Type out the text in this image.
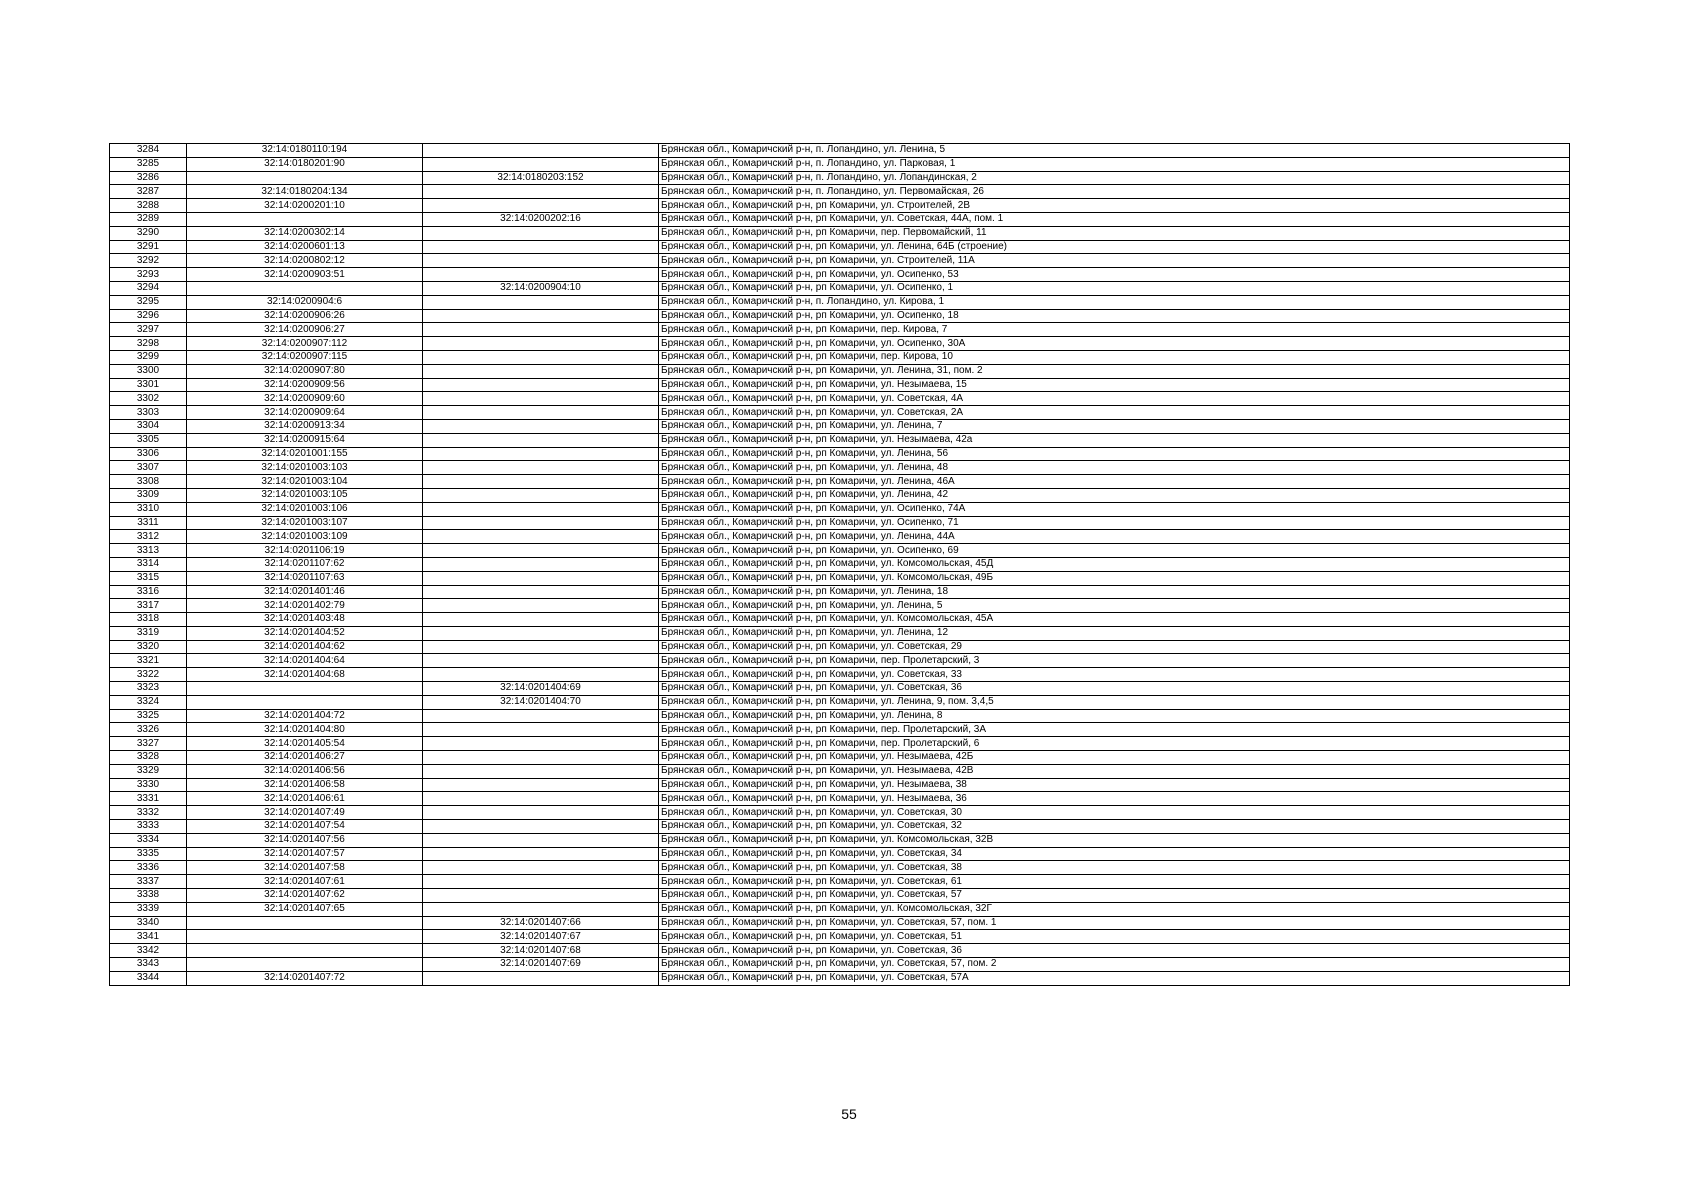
3284	32:14:0180110:194		Брянская обл., Комаричский р-н, п. Лопандино, ул. Ленина, 5
3285	32:14:0180201:90		Брянская обл., Комаричский р-н, п. Лопандино, ул. Парковая, 1
3286		32:14:0180203:152	Брянская обл., Комаричский р-н, п. Лопандино, ул. Лопандинская, 2
3287	32:14:0180204:134		Брянская обл., Комаричский р-н, п. Лопандино, ул. Первомайская, 26
3288	32:14:0200201:10		Брянская обл., Комаричский р-н, рп Комаричи, ул. Строителей, 2В
3289		32:14:0200202:16	Брянская обл., Комаричский р-н, рп Комаричи, ул. Советская, 44А, пом. 1
3290	32:14:0200302:14		Брянская обл., Комаричский р-н, рп Комаричи, пер. Первомайский, 11
3291	32:14:0200601:13		Брянская обл., Комаричский р-н, рп Комаричи, ул. Ленина, 64Б (строение)
3292	32:14:0200802:12		Брянская обл., Комаричский р-н, рп Комаричи, ул. Строителей, 11А
3293	32:14:0200903:51		Брянская обл., Комаричский р-н, рп Комаричи, ул. Осипенко, 53
3294		32:14:0200904:10	Брянская обл., Комаричский р-н, рп Комаричи, ул. Осипенко, 1
3295	32:14:0200904:6		Брянская обл., Комаричский р-н, п. Лопандино, ул. Кирова, 1
3296	32:14:0200906:26		Брянская обл., Комаричский р-н, рп Комаричи, ул. Осипенко, 18
3297	32:14:0200906:27		Брянская обл., Комаричский р-н, рп Комаричи, пер. Кирова, 7
3298	32:14:0200907:112		Брянская обл., Комаричский р-н, рп Комаричи, ул. Осипенко, 30А
3299	32:14:0200907:115		Брянская обл., Комаричский р-н, рп Комаричи, пер. Кирова, 10
3300	32:14:0200907:80		Брянская обл., Комаричский р-н, рп Комаричи, ул. Ленина, 31, пом. 2
3301	32:14:0200909:56		Брянская обл., Комаричский р-н, рп Комаричи, ул. Незымаева, 15
3302	32:14:0200909:60		Брянская обл., Комаричский р-н, рп Комаричи, ул. Советская, 4А
3303	32:14:0200909:64		Брянская обл., Комаричский р-н, рп Комаричи, ул. Советская, 2А
3304	32:14:0200913:34		Брянская обл., Комаричский р-н, рп Комаричи, ул. Ленина, 7
3305	32:14:0200915:64		Брянская обл., Комаричский р-н, рп Комаричи, ул. Незымаева, 42а
3306	32:14:0201001:155		Брянская обл., Комаричский р-н, рп Комаричи, ул. Ленина, 56
3307	32:14:0201003:103		Брянская обл., Комаричский р-н, рп Комаричи, ул. Ленина, 48
3308	32:14:0201003:104		Брянская обл., Комаричский р-н, рп Комаричи, ул. Ленина, 46А
3309	32:14:0201003:105		Брянская обл., Комаричский р-н, рп Комаричи, ул. Ленина, 42
3310	32:14:0201003:106		Брянская обл., Комаричский р-н, рп Комаричи, ул. Осипенко, 74А
3311	32:14:0201003:107		Брянская обл., Комаричский р-н, рп Комаричи, ул. Осипенко, 71
3312	32:14:0201003:109		Брянская обл., Комаричский р-н, рп Комаричи, ул. Ленина, 44А
3313	32:14:0201106:19		Брянская обл., Комаричский р-н, рп Комаричи, ул. Осипенко, 69
3314	32:14:0201107:62		Брянская обл., Комаричский р-н, рп Комаричи, ул. Комсомольская, 45Д
3315	32:14:0201107:63		Брянская обл., Комаричский р-н, рп Комаричи, ул. Комсомольская, 49Б
3316	32:14:0201401:46		Брянская обл., Комаричский р-н, рп Комаричи, ул. Ленина, 18
3317	32:14:0201402:79		Брянская обл., Комаричский р-н, рп Комаричи, ул. Ленина, 5
3318	32:14:0201403:48		Брянская обл., Комаричский р-н, рп Комаричи, ул. Комсомольская, 45А
3319	32:14:0201404:52		Брянская обл., Комаричский р-н, рп Комаричи, ул. Ленина, 12
3320	32:14:0201404:62		Брянская обл., Комаричский р-н, рп Комаричи, ул. Советская, 29
3321	32:14:0201404:64		Брянская обл., Комаричский р-н, рп Комаричи, пер. Пролетарский, 3
3322	32:14:0201404:68		Брянская обл., Комаричский р-н, рп Комаричи, ул. Советская, 33
3323		32:14:0201404:69	Брянская обл., Комаричский р-н, рп Комаричи, ул. Советская, 36
3324		32:14:0201404:70	Брянская обл., Комаричский р-н, рп Комаричи, ул. Ленина, 9, пом. 3,4,5
3325	32:14:0201404:72		Брянская обл., Комаричский р-н, рп Комаричи, ул. Ленина, 8
3326	32:14:0201404:80		Брянская обл., Комаричский р-н, рп Комаричи, пер. Пролетарский, 3А
3327	32:14:0201405:54		Брянская обл., Комаричский р-н, рп Комаричи, пер. Пролетарский, 6
3328	32:14:0201406:27		Брянская обл., Комаричский р-н, рп Комаричи, ул. Незымаева, 42Б
3329	32:14:0201406:56		Брянская обл., Комаричский р-н, рп Комаричи, ул. Незымаева, 42В
3330	32:14:0201406:58		Брянская обл., Комаричский р-н, рп Комаричи, ул. Незымаева, 38
3331	32:14:0201406:61		Брянская обл., Комаричский р-н, рп Комаричи, ул. Незымаева, 36
3332	32:14:0201407:49		Брянская обл., Комаричский р-н, рп Комаричи, ул. Советская, 30
3333	32:14:0201407:54		Брянская обл., Комаричский р-н, рп Комаричи, ул. Советская, 32
3334	32:14:0201407:56		Брянская обл., Комаричский р-н, рп Комаричи, ул. Комсомольская, 32В
3335	32:14:0201407:57		Брянская обл., Комаричский р-н, рп Комаричи, ул. Советская, 34
3336	32:14:0201407:58		Брянская обл., Комаричский р-н, рп Комаричи, ул. Советская, 38
3337	32:14:0201407:61		Брянская обл., Комаричский р-н, рп Комаричи, ул. Советская, 61
3338	32:14:0201407:62		Брянская обл., Комаричский р-н, рп Комаричи, ул. Советская, 57
3339	32:14:0201407:65		Брянская обл., Комаричский р-н, рп Комаричи, ул. Комсомольская, 32Г
3340		32:14:0201407:66	Брянская обл., Комаричский р-н, рп Комаричи, ул. Советская, 57, пом. 1
3341		32:14:0201407:67	Брянская обл., Комаричский р-н, рп Комаричи, ул. Советская, 51
3342		32:14:0201407:68	Брянская обл., Комаричский р-н, рп Комаричи, ул. Советская, 36
3343		32:14:0201407:69	Брянская обл., Комаричский р-н, рп Комаричи, ул. Советская, 57, пом. 2
3344	32:14:0201407:72		Брянская обл., Комаричский р-н, рп Комаричи, ул. Советская, 57А
55
